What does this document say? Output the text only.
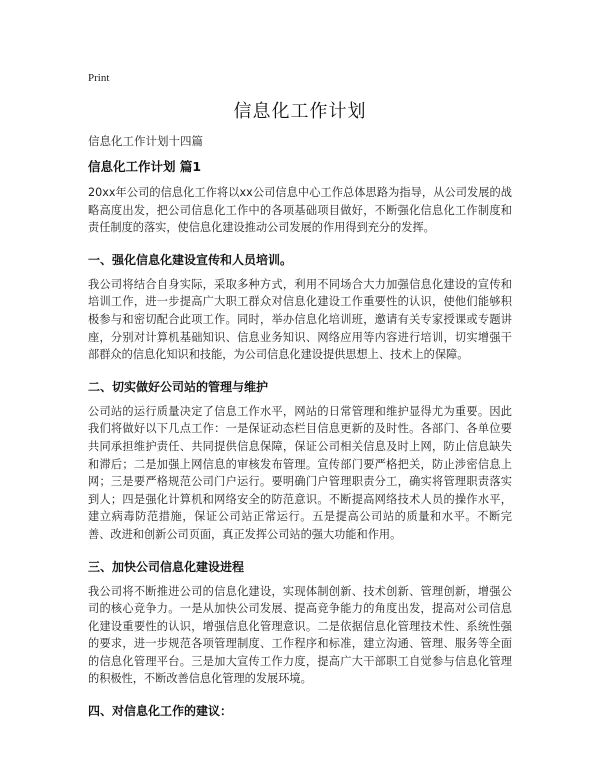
Print
信息化工作计划
信息化工作计划十四篇
信息化工作计划 篇1

20xx年公司的信息化工作将以xx公司信息中心工作总体思路为指导，从公司发展的战略高度出发，把公司信息化工作中的各项基础项目做好，不断强化信息化工作制度和责任制度的落实，使信息化建设推动公司发展的作用得到充分的发挥。

一、强化信息化建设宣传和人员培训。

我公司将结合自身实际，采取多种方式，利用不同场合大力加强信息化建设的宣传和培训工作，进一步提高广大职工群众对信息化建设工作重要性的认识，使他们能够积极参与和密切配合此项工作。同时，举办信息化培训班，邀请有关专家授课或专题讲座，分别对计算机基础知识、信息业务知识、网络应用等内容进行培训，切实增强干部群众的信息化知识和技能，为公司信息化建设提供思想上、技术上的保障。

二、切实做好公司站的管理与维护

公司站的运行质量决定了信息工作水平，网站的日常管理和维护显得尤为重要。因此我们将做好以下几点工作：一是保证动态栏目信息更新的及时性。各部门、各单位要共同承担维护责任、共同提供信息保障，保证公司相关信息及时上网，防止信息缺失和滞后；二是加强上网信息的审核发布管理。宣传部门要严格把关，防止涉密信息上网；三是要严格规范公司门户运行。要明确门户管理职责分工，确实将管理职责落实到人；四是强化计算机和网络安全的防范意识。不断提高网络技术人员的操作水平，建立病毒防范措施，保证公司站正常运行。五是提高公司站的质量和水平。不断完善、改进和创新公司页面，真正发挥公司站的强大功能和作用。

三、加快公司信息化建设进程

我公司将不断推进公司的信息化建设，实现体制创新、技术创新、管理创新，增强公司的核心竞争力。一是从加快公司发展、提高竞争能力的角度出发，提高对公司信息化建设重要性的认识，增强信息化管理意识。二是依据信息化管理技术性、系统性强的要求，进一步规范各项管理制度、工作程序和标准，建立沟通、管理、服务等全面的信息化管理平台。三是加大宣传工作力度，提高广大干部职工自觉参与信息化管理的积极性，不断改善信息化管理的发展环境。

四、对信息化工作的建议：
